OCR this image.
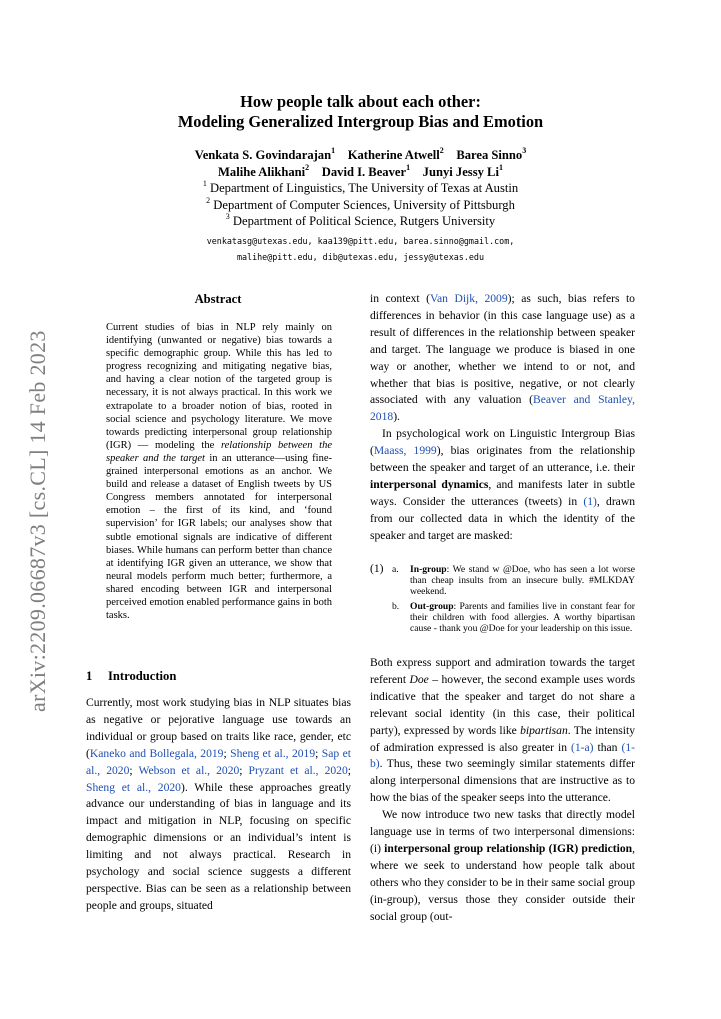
arXiv:2209.06687v3 [cs.CL] 14 Feb 2023
How people talk about each other:
Modeling Generalized Intergroup Bias and Emotion
Venkata S. Govindarajan$^1$ Katherine Atwell$^2$ Barea Sinno$^3$
Malihe Alikhani$^2$ David I. Beaver$^1$ Junyi Jessy Li$^1$
$^1$ Department of Linguistics, The University of Texas at Austin
$^2$ Department of Computer Sciences, University of Pittsburgh
$^3$ Department of Political Science, Rutgers University
venkatasg@utexas.edu, kaa139@pitt.edu, barea.sinno@gmail.com,
malihe@pitt.edu, dib@utexas.edu, jessy@utexas.edu
Abstract
Current studies of bias in NLP rely mainly on identifying (unwanted or negative) bias towards a specific demographic group. While this has led to progress recognizing and mitigating negative bias, and having a clear notion of the targeted group is necessary, it is not always practical. In this work we extrapolate to a broader notion of bias, rooted in social science and psychology literature. We move towards predicting interpersonal group relationship (IGR) — modeling the relationship between the speaker and the target in an utterance—using fine-grained interpersonal emotions as an anchor. We build and release a dataset of English tweets by US Congress members annotated for interpersonal emotion – the first of its kind, and ‘found supervision’ for IGR labels; our analyses show that subtle emotional signals are indicative of different biases. While humans can perform better than chance at identifying IGR given an utterance, we show that neural models perform much better; furthermore, a shared encoding between IGR and interpersonal perceived emotion enabled performance gains in both tasks.
1 Introduction

Currently, most work studying bias in NLP situates bias as negative or pejorative language use towards an individual or group based on traits like race, gender, etc (Kaneko and Bollegala, 2019; Sheng et al., 2019; Sap et al., 2020; Webson et al., 2020; Pryzant et al., 2020; Sheng et al., 2020). While these approaches greatly advance our understanding of bias in language and its impact and mitigation in NLP, focusing on specific demographic dimensions or an individual’s intent is limiting and not always practical. Research in psychology and social science suggests a different perspective. Bias can be seen as a relationship between people and groups, situated

in context (Van Dijk, 2009); as such, bias refers to differences in behavior (in this case language use) as a result of differences in the relationship between speaker and target. The language we produce is biased in one way or another, whether we intend to or not, and whether that bias is positive, negative, or not clearly associated with any valuation (Beaver and Stanley, 2018).

In psychological work on Linguistic Intergroup Bias (Maass, 1999), bias originates from the relationship between the speaker and target of an utterance, i.e. their interpersonal dynamics, and manifests later in subtle ways. Consider the utterances (tweets) in (1), drawn from our collected data in which the identity of the speaker and target are masked:

(1) a. In-group: We stand w @Doe, who has seen a lot worse than cheap insults from an insecure bully. #MLKDAY weekend.
b. Out-group: Parents and families live in constant fear for their children with food allergies. A worthy bipartisan cause - thank you @Doe for your leadership on this issue.

Both express support and admiration towards the target referent Doe – however, the second example uses words indicative that the speaker and target do not share a relevant social identity (in this case, their political party), expressed by words like bipartisan. The intensity of admiration expressed is also greater in (1-a) than (1-b). Thus, these two seemingly similar statements differ along interpersonal dimensions that are instructive as to how the bias of the speaker seeps into the utterance.

We now introduce two new tasks that directly model language use in terms of two interpersonal dimensions: (i) interpersonal group relationship (IGR) prediction, where we seek to understand how people talk about others who they consider to be in their same social group (in-group), versus those they consider outside their social group (out-
